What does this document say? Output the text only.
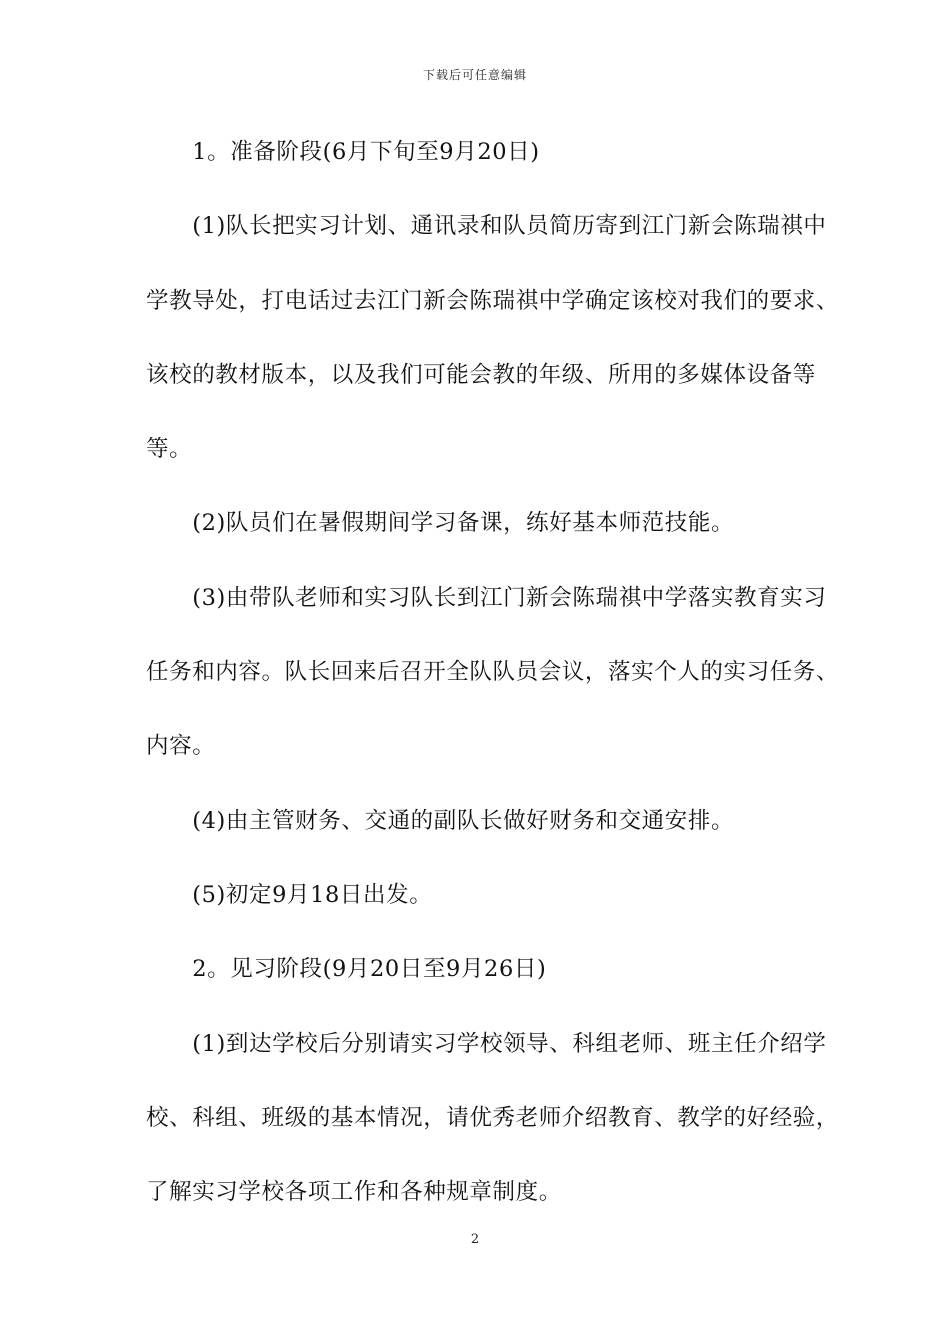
下载后可任意编辑
　　1。准备阶段(6月下旬至9月20日)
　　(1)队长把实习计划、通讯录和队员简历寄到江门新会陈瑞祺中
学教导处，打电话过去江门新会陈瑞祺中学确定该校对我们的要求、
该校的教材版本，以及我们可能会教的年级、所用的多媒体设备等
等。
　　(2)队员们在暑假期间学习备课，练好基本师范技能。
　　(3)由带队老师和实习队长到江门新会陈瑞祺中学落实教育实习
任务和内容。队长回来后召开全队队员会议，落实个人的实习任务、
内容。
　　(4)由主管财务、交通的副队长做好财务和交通安排。
　　(5)初定9月18日出发。
　　2。见习阶段(9月20日至9月26日)
　　(1)到达学校后分别请实习学校领导、科组老师、班主任介绍学
校、科组、班级的基本情况，请优秀老师介绍教育、教学的好经验，
了解实习学校各项工作和各种规章制度。
2
